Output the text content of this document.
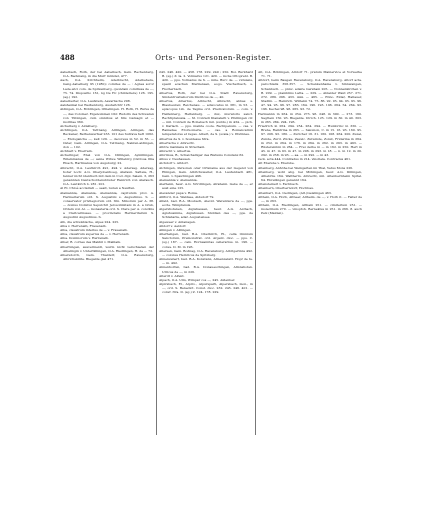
488	Orts- und Personen-Register.
Aabelbach, Roth, der bei Aabelbach, Gem. Rechenberg, O.A. Backnang, in die Murr mündet, 477.
Aach, O.A. Kirchheim, Adelbrecht, Adelbehere, Geng.Aabelberg 95 (1280); comites de — : Agnes soror Lade-wici com. de Spitzenberg, quondam comitissa de —, 75. 74. Dispositio 161, ng De Hc (childeriere) 126. 195. (ag.) 192.
Aabelberter, O.A. Laufstein, Aavarüsche 298.
Aalsheimal bei Weißenburg, Austarichtr 126.
Aldingen, O.A. Böblingen, Othelingen. H. Roth, H. Rufus de —, das Colomer. Eigenommen Obr. Rudolfs des Schwaren von Tübingen, cum omnibus at filis Garsagii et — morillae 360.
Aichelberg v. Aldelberg.
Aichfingen, O.A. Tettnang, Alllingen, Allingen, das Beckener, Berhenwerfsef 233. 101 des Sutrava heft 1062. — Endoganche —, kell 129. — decoreus in 52. in 55. — Oster, Gem. Alllingen, O.A. Tettnang, Nakren-aldingen, don — 102.
Aichhart v. Eberrain.
Aicheringer, Ebel von O.A. Dillingen, Aymillingen. Wilemmanus de —; seine Witwe Willebirg (Ostrosa filia Ebach, Hartmanus von Augsburg) 22.
Albrecht, O.A. Leutkirch 491, 494 v. Adersag. Adersag, hotar Loch: A.G. Oberjobenhoeg, Alaraun. Sattele, H., fenner nicht identisch mit dem in Cod. dipl. Salem. 3, 263 genannten Deutschordensbruder Heinrich von Alarauch. O.A. Leutkirch b. 281. 201.
Al El. Chloé acclairati — sealt, nuren a Neuffen.
Alamannia, Alamania, Alemannia, capitulum prov. A. Hermeriarum ord. S. Augustini s. Augustinus. S. — conservator privilegiorum ord. frm. Minorum per A. 38. — domus Domitui Sepulchri Jerosolimitani in A. a Grub, Ordem von Al. — monasteria ord. S. Clare per A. conciliis a Claricarnisses. — provincialis Hermeritarum S. Augustini Augustinus. S.
Alb, die schwäbische, Alpes 224. 225.
Alba v. Herrenalb, Frauenalb.
Alba, claustrum inferius de — v. Frauenalb.
Alba, claustrum superius de — v. Herrenalb.
Alba. Dominorum v. Herrenalb.
Alber, B. cornes des Makhil v. Mahlaik.
Alberbingen, ausvermeidl, wurm nicht verschieden der Albelingin v. Unterbillingen, O.A. Riedlingen, H. de — 72.
Albersdorch, Gem. Thalderf, O.A. Ravensburg, Albrichskilite. Biegalde giel 471.
243. 246. 420. — 458. 178. 229. 249 ; 250. Boi. Burkhard B. (sg.) Z. la. 2. Volmarus 121. 420. — mcbe Ottoprebl. B. 420. — pps. Volmarus de S. — mile. Burc de. — vidulens, spezil ecachen Meriiensen, eogo. Vischerbach, s. Fischerbach.
Albertus, Roth, der bei O.A. Stadt Ravensburg, Sindentrustiehorum Districus de —, 40.
Albertus, Albertus, Albrecht, Albrecht, abbas s. Blaubeuren; Reichenau. — adwocatus in 381, in 53. — episcopus Lib. de Tagine ord. Predicatorum. — com. v. Helfenberg, Helfenberg. — dux, muratoris sanct. Rechtiplanusia. — St. Conradi Dianalarii v. Pfullingen cir. — mil. Conradi de Hohebach mil. (surds.) in 434. — pich. v. Darlach. — pps. mainte coole. Rechipenum. — cas. v. Ramadae Eroruomerie. — cas. a Romancarnm lemperatores et regas. Albert, de S. (scala.) v. Ittidnnes.
Albertus de S. v. Sosidesse Stra.
Albertsche v. Albrecht.
Albtre mabilena in Strachanl.
Albrecht v. Albertus.
Albrimus, B., Schaichalliger des Bistums Constanz 62.
Albus v. Neuhausen.
Alchdorf v. Altdorf.
Alchingen, Personen oder Ortsname aus der Gegend von Ehingen, Gem. Albrichsweiler, O.A. Laufenbach 481, Gem. v. Spaichingen 496.
Alemannia v. Alemannia.
Alerheim, heur. A.G. Nördlingen, Alraheim. Gebe de —, er aust eine 125.
Alexander papa v. Roma.
Allfford, O.A. Waldsee, Aldsdorf 79.
Alfeld, bad. B.A. Mosbach, Alevid. Warenbura de —, pps. eccle. Wimpfensis.
Algershofenen, Algishausen, heur. A.G. Aichach, Agishusmnie, Algishusen. Süddien des —, pps. de Schlabaria, adar. Augustenses.
Algeweer v. Anlanagen.
Alldorf v. Aeldorf.
Allingen v. Alllingen.
Allerheligen, bad. B.A. Oberkirch, El., cella Omnium Sanctorum, Premonstrat. ord. Argent. dioc. — pps. C. (sg.) 187. — cam. Hornsanntas cellerarius. in. 196. — conve. D. M. in 196.
Allersen, Gem. Bodnag, O.A. Ravensburg, Albrigerinns 492. — colonus Heinricus de Spitzberg.
Almenzeberf, bad. B.A. Konstanz, Almenzanstl. Hopf de fe. — in. 492.
Almenhorfen, bad. B.A. Donaueschingen, Almnshofen. Ulricus de —, in 226.
Alterdt v. Alfeld.
Alpach, O.A. Ulm, Wimpar cos —, 245. Aldenber.
Alpirsbach, El., Alpiro., Alpursparh, Alpersbach, mon., in —, ord. S. Benedict. Const. dioc. 232. 245. 246. 401. — convr. frra. D. (sg.) Z. 124. 178. 229.
Alt, O.A. Böblingen, Altdorf 71. pratum Mainervice et Vorwerke 71. 71.
Altdorf, beim Baugen Ravensburg, O.A. Ravensburg, Altorf acta. parochialis 356.357. — Schenkenhame v. Sinnwangen, Schanbuch. — pnnz. adaire Gersham 205. — Nonnenkirchen v. B. 209. — plamblins Latta. — 229. — Ablaider Wald 257. 271. 272. 289. 296. 433. 444. — 465. — Ebbo. Eldar, Hallauer, Stadlin. — Heinrich. Wilhelm 74. 75. 86. 92. 95. 94. 95. 95. 96. 47. 94. 95. 96. 97. 283. 164. 196. 193. 196. 264. 54. 264. 93. 196. Kechel 98. 96. 265. 93. 72.
Hermannn in 264. in 254. 273. 96. 248. in 300. — 273. 160. Sagttem 150. 93. Biegalde. Ulrich. 125. 129. in 30. in 40. 303. in 265. 284. 294. 196.
Friedrich in 264. 294. 254. 264. 294. — Humbrinc in 330. — Brebe, Raintrina in 265. — Salomon, C. in 15. 16. 93. 160. 95. 97. 206. 93. 180. — Zuricher 16. 31. 160. 108. 264. 200. Zuzal, Zunde, Zurd. Zücke. Zavelc. Zulwinde, Zonst, Friderina in 264. in 252. in 264. in 176. in 264. in 262. in 293. in 493. — Rüstereinbin in 264. — Frei derbe in — in 162. in 250. Hert in 45. in 47. in 93. in 47. in 296. in 293. in 18. — n. in 12. in 20. 292. in 258. in 93. — aa. — in 292. — in 43.
reck. acta 444. Contradus in 214. vinofiela. Contradus 461.
Alt Ebersbe v. Ebersbe.
Altenberg, Anhöhe bei Weingarten im Thal, Vetus Mons 226.
Altenberg, wohl abg. bei Möhingen, heur. A.G. Dillingen, Alhebrile 164. Waltherm. Albrecht, mil. Altenbernheim Spital. 64. Ebrellingen genannt 164.
Altensteinerl v. Eschbach.
Altenbern, Oberberndorf, Hochbau.
Altenhart, O.A. Oedingen, (Alt.)Geislingen 463.
Althein, O.A. Horb, Altbeer, Altheim. de —, v. Horb it. — Falter de —, in 263.
Althein, O.A. Riedlingen, Althain 251. — cimiterium 251. — moledinum 270. — vinopfoh. Berneklus in 251. in 266. 8. auch Pelz (Malden).
